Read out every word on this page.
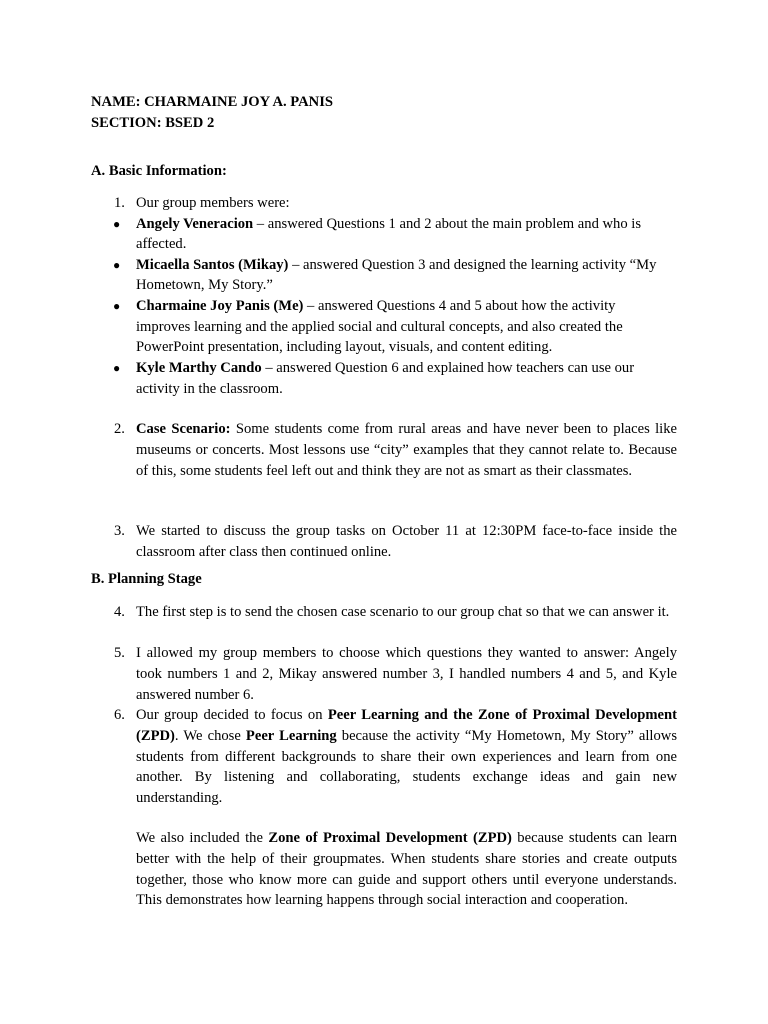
NAME: CHARMAINE JOY A. PANIS
SECTION: BSED 2
A. Basic Information:
1. Our group members were:
● Angely Veneracion – answered Questions 1 and 2 about the main problem and who is
affected.
● Micaella Santos (Mikay) – answered Question 3 and designed the learning activity “My
Hometown, My Story.”
● Charmaine Joy Panis (Me) – answered Questions 4 and 5 about how the activity
improves learning and the applied social and cultural concepts, and also created the
PowerPoint presentation, including layout, visuals, and content editing.
● Kyle Marthy Cando – answered Question 6 and explained how teachers can use our
activity in the classroom.
2. Case Scenario: Some students come from rural areas and have never been to places like museums or concerts. Most lessons use “city” examples that they cannot relate to. Because of this, some students feel left out and think they are not as smart as their classmates.
3. We started to discuss the group tasks on October 11 at 12:30PM face-to-face inside the classroom after class then continued online.
B. Planning Stage
4. The first step is to send the chosen case scenario to our group chat so that we can answer it.
5. I allowed my group members to choose which questions they wanted to answer: Angely took numbers 1 and 2, Mikay answered number 3, I handled numbers 4 and 5, and Kyle answered number 6.
6. Our group decided to focus on Peer Learning and the Zone of Proximal Development (ZPD). We chose Peer Learning because the activity “My Hometown, My Story” allows students from different backgrounds to share their own experiences and learn from one another. By listening and collaborating, students exchange ideas and gain new understanding.
We also included the Zone of Proximal Development (ZPD) because students can learn better with the help of their groupmates. When students share stories and create outputs together, those who know more can guide and support others until everyone understands. This demonstrates how learning happens through social interaction and cooperation.
